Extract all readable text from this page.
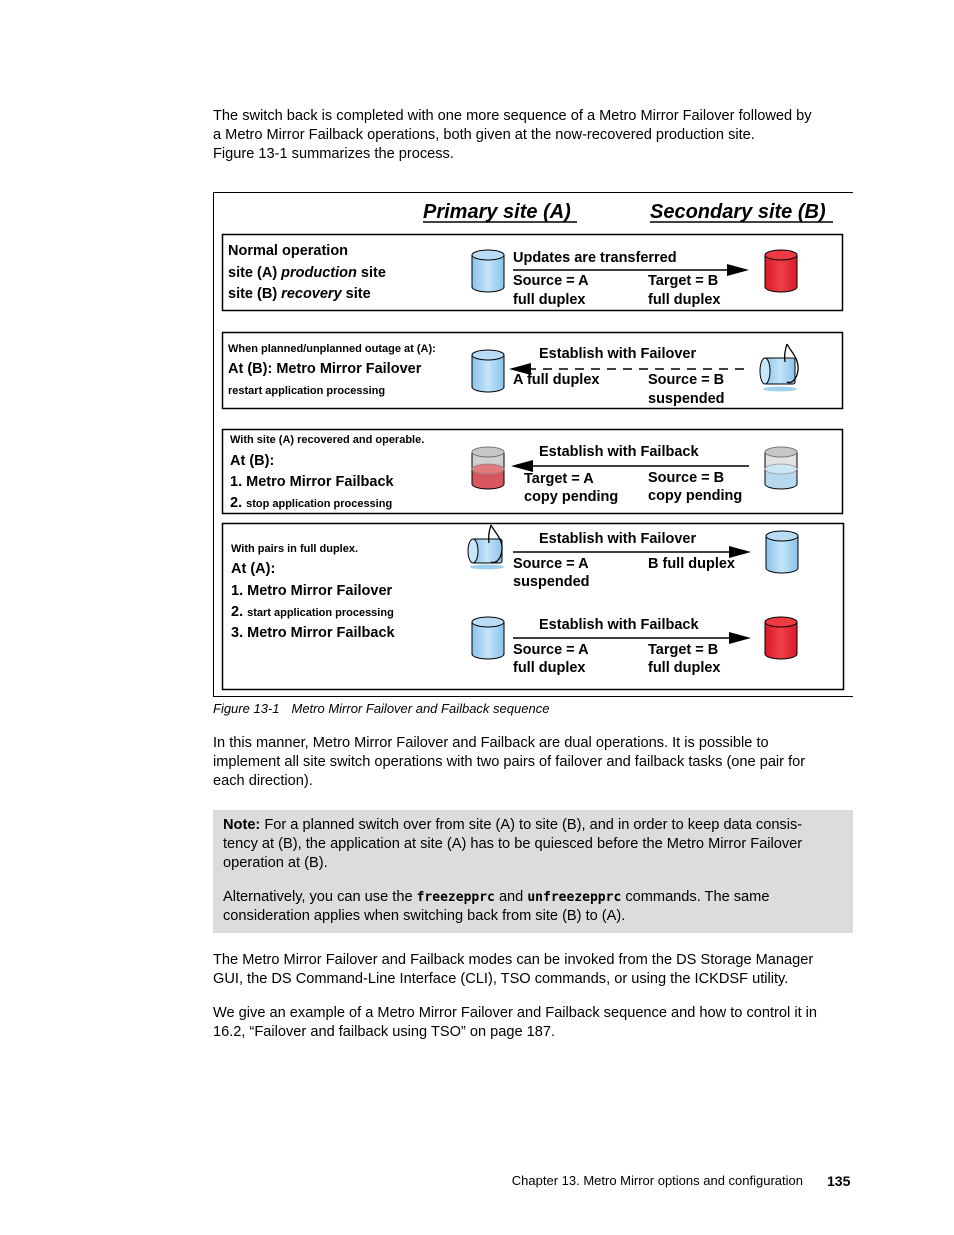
The switch back is completed with one more sequence of a Metro Mirror Failover followed by

a Metro Mirror Failback operations, both given at the now-recovered production site.

Figure 13-1 summarizes the process.

Primary site (A)	Secondary site (B)
Normal operation
site (A) production site
site (B) recovery site
Updates are transferred
Source = A
full duplex
Target = B
full duplex
When planned/unplanned outage at (A):
At (B): Metro Mirror Failover
restart application processing
Establish with Failover
A full duplex	Source = B
suspended
With site (A) recovered and operable.
At (B):
1. Metro Mirror Failback
2. stop application processing
Establish with Failback
Target = A
copy pending
Source = B
copy pending
With pairs in full duplex.
At (A):
1. Metro Mirror Failover
2. start application processing
3. Metro Mirror Failback
Establish with Failover
Source = A
suspended
B full duplex
Establish with Failback
Source = A
full duplex
Target = B
full duplex
Figure 13-1 Metro Mirror Failover and Failback sequence

In this manner, Metro Mirror Failover and Failback are dual operations. It is possible to

implement all site switch operations with two pairs of failover and failback tasks (one pair for

each direction).

Note: For a planned switch over from site (A) to site (B), and in order to keep data consis-

tency at (B), the application at site (A) has to be quiesced before the Metro Mirror Failover

operation at (B).

Alternatively, you can use the freezepprc and unfreezepprc commands. The same

consideration applies when switching back from site (B) to (A).

The Metro Mirror Failover and Failback modes can be invoked from the DS Storage Manager

GUI, the DS Command-Line Interface (CLI), TSO commands, or using the ICKDSF utility.

We give an example of a Metro Mirror Failover and Failback sequence and how to control it in

16.2, “Failover and failback using TSO” on page 187.

Chapter 13. Metro Mirror options and configuration 135
